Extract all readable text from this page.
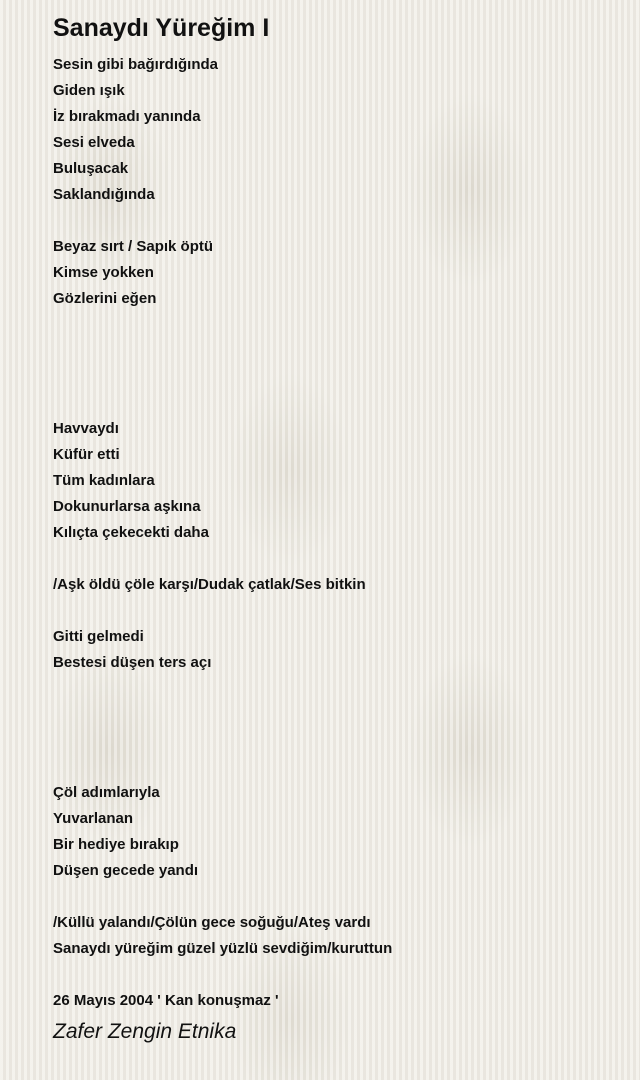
Sanaydı Yüreğim I
Sesin gibi bağırdığında
Giden ışık
İz bırakmadı yanında
Sesi elveda
Buluşacak
Saklandığında
Beyaz sırt / Sapık öptü
Kimse yokken
Gözlerini eğen
Havvaydı
Küfür etti
Tüm kadınlara
Dokunurlarsa aşkına
Kılıçta çekecekti daha
/Aşk öldü çöle karşı/Dudak çatlak/Ses bitkin
Gitti gelmedi
Bestesi düşen ters açı
Çöl adımlarıyla
Yuvarlanan
Bir hediye bırakıp
Düşen gecede yandı
/Küllü yalandı/Çölün gece soğuğu/Ateş vardı
Sanaydı yüreğim güzel yüzlü sevdiğim/kuruttun
26 Mayıs 2004 ' Kan konuşmaz '
Zafer Zengin Etnika
